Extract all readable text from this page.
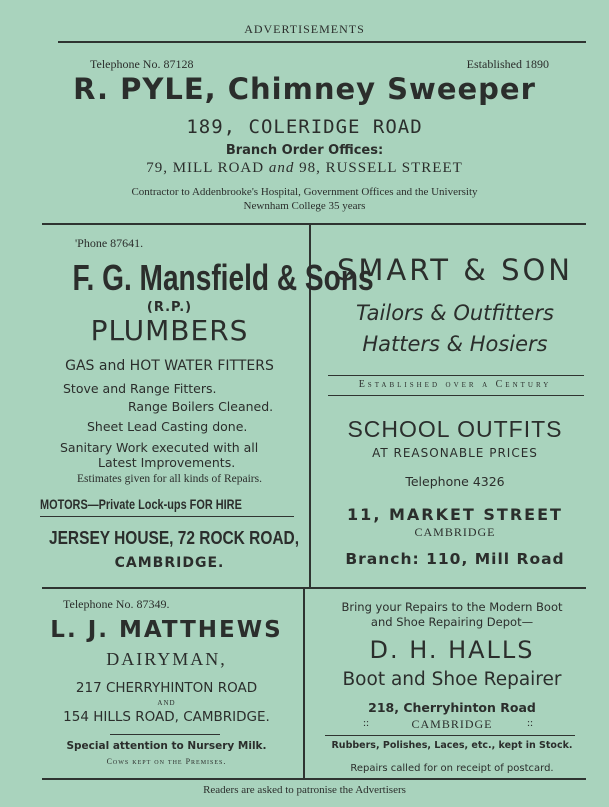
ADVERTISEMENTS
Telephone No. 87128	Established 1890
R. PYLE, Chimney Sweeper
189, COLERIDGE ROAD
Branch Order Offices:
79, MILL ROAD and 98, RUSSELL STREET
Contractor to Addenbrooke's Hospital, Government Offices and the University
Newnham College 35 years
'Phone 87641.
F. G. Mansfield & Sons
(R.P.)
PLUMBERS
GAS and HOT WATER FITTERS
Stove and Range Fitters.
Range Boilers Cleaned.
Sheet Lead Casting done.
Sanitary Work executed with all
Latest Improvements.
Estimates given for all kinds of Repairs.
MOTORS—Private Lock-ups FOR HIRE
JERSEY HOUSE, 72 ROCK ROAD,
CAMBRIDGE.
SMART & SON
Tailors & Outfitters
Hatters & Hosiers
Established over a Century
SCHOOL OUTFITS
AT REASONABLE PRICES
Telephone 4326
11, MARKET STREET
CAMBRIDGE
Branch: 110, Mill Road
Telephone No. 87349.
L. J. MATTHEWS
DAIRYMAN,
217 CHERRYHINTON ROAD
AND
154 HILLS ROAD, CAMBRIDGE.
Special attention to Nursery Milk.
Cows kept on the Premises.
Bring your Repairs to the Modern Boot
and Shoe Repairing Depot—
D. H. HALLS
Boot and Shoe Repairer
218, Cherryhinton Road
::	CAMBRIDGE	::
Rubbers, Polishes, Laces, etc., kept in Stock.
Repairs called for on receipt of postcard.
Readers are asked to patronise the Advertisers
